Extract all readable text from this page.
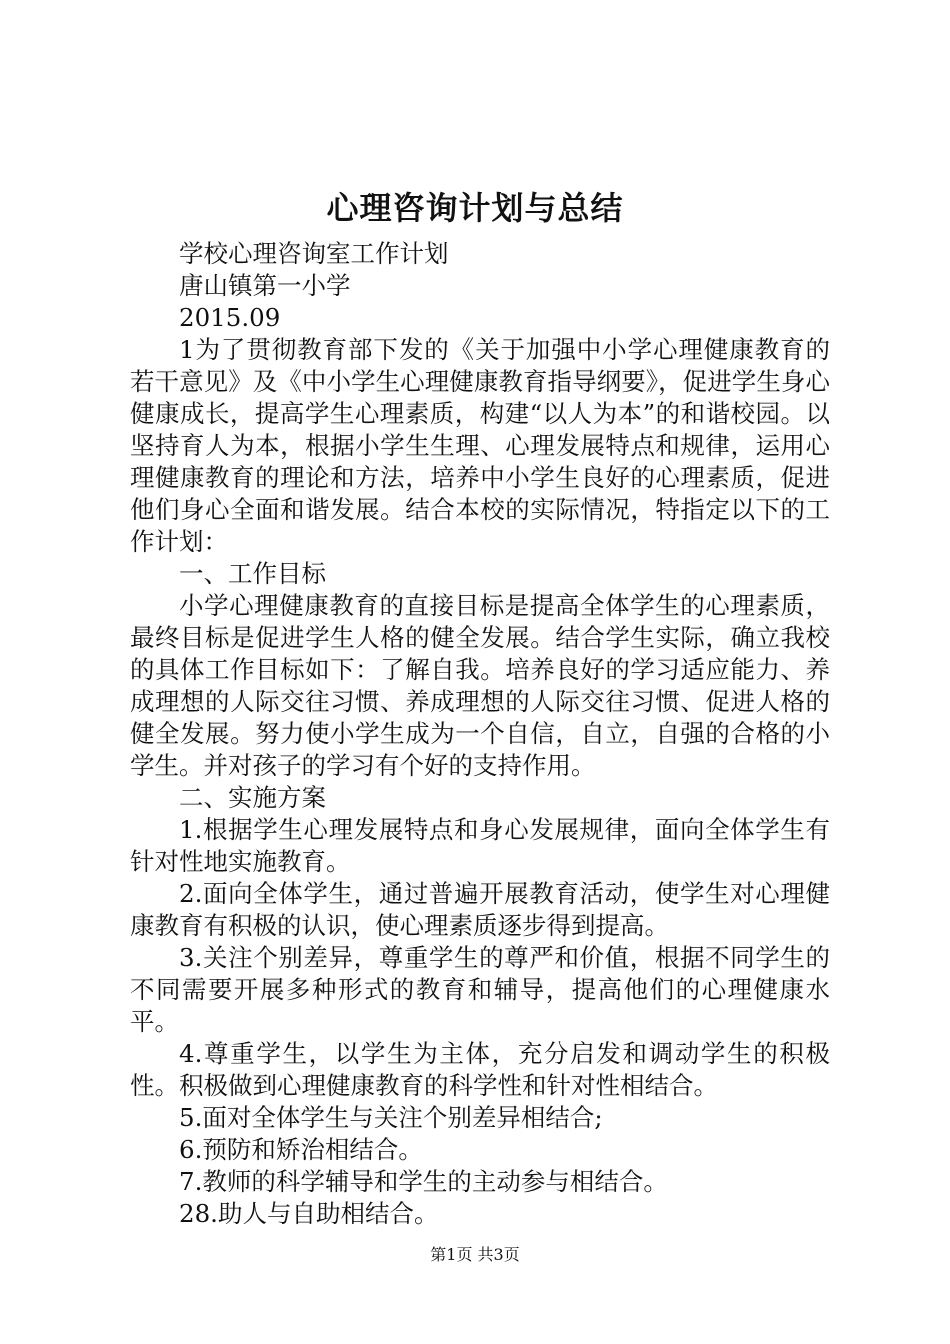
心理咨询计划与总结

学校心理咨询室工作计划

唐山镇第一小学

2015.09

1为了贯彻教育部下发的《关于加强中小学心理健康教育的若干意见》及《中小学生心理健康教育指导纲要》，促进学生身心健康成长，提高学生心理素质，构建“以人为本”的和谐校园。以坚持育人为本，根据小学生生理、心理发展特点和规律，运用心理健康教育的理论和方法，培养中小学生良好的心理素质，促进他们身心全面和谐发展。结合本校的实际情况，特指定以下的工作计划：

一、工作目标

小学心理健康教育的直接目标是提高全体学生的心理素质，最终目标是促进学生人格的健全发展。结合学生实际，确立我校的具体工作目标如下：了解自我。培养良好的学习适应能力、养成理想的人际交往习惯、养成理想的人际交往习惯、促进人格的健全发展。努力使小学生成为一个自信，自立，自强的合格的小学生。并对孩子的学习有个好的支持作用。

二、实施方案

1.根据学生心理发展特点和身心发展规律，面向全体学生有针对性地实施教育。

2.面向全体学生，通过普遍开展教育活动，使学生对心理健康教育有积极的认识，使心理素质逐步得到提高。

3.关注个别差异，尊重学生的尊严和价值，根据不同学生的不同需要开展多种形式的教育和辅导，提高他们的心理健康水平。

4.尊重学生，以学生为主体，充分启发和调动学生的积极性。积极做到心理健康教育的科学性和针对性相结合。

5.面对全体学生与关注个别差异相结合;

6.预防和矫治相结合。

7.教师的科学辅导和学生的主动参与相结合。

28.助人与自助相结合。

第1页 共3页
